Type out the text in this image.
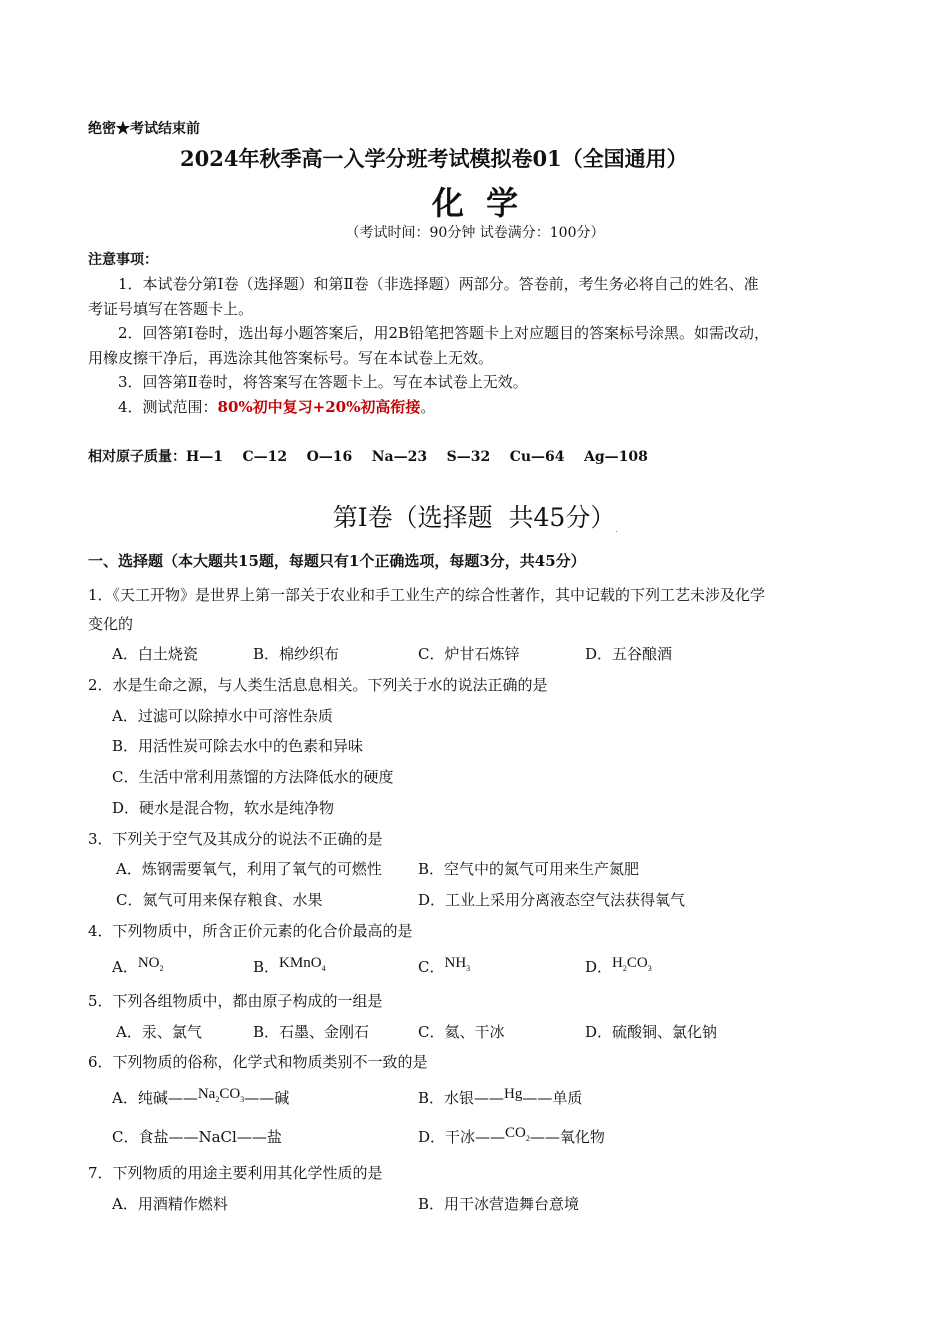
绝密★考试结束前
2024年秋季高一入学分班考试模拟卷01（全国通用）
化  学
（考试时间：90分钟 试卷满分：100分）
注意事项：
1．本试卷分第Ⅰ卷（选择题）和第Ⅱ卷（非选择题）两部分。答卷前，考生务必将自己的姓名、准
考证号填写在答题卡上。
2．回答第Ⅰ卷时，选出每小题答案后，用2B铅笔把答题卡上对应题目的答案标号涂黑。如需改动，
用橡皮擦干净后，再选涂其他答案标号。写在本试卷上无效。
3．回答第Ⅱ卷时，将答案写在答题卡上。写在本试卷上无效。
4．测试范围：80%初中复习+20%初高衔接。
相对原子质量：H—1    C—12    O—16    Na—23    S—32    Cu—64    Ag—108
第Ⅰ卷（选择题  共45分）$_.$
一、选择题（本大题共15题，每题只有1个正确选项，每题3分，共45分）
1．《天工开物》是世界上第一部关于农业和手工业生产的综合性著作，其中记载的下列工艺未涉及化学
变化的
A．白土烧瓷	B．棉纱织布	C．炉甘石炼锌	D．五谷酿酒
2．水是生命之源，与人类生活息息相关。下列关于水的说法正确的是
A．过滤可以除掉水中可溶性杂质
B．用活性炭可除去水中的色素和异味
C．生活中常利用蒸馏的方法降低水的硬度
D．硬水是混合物，软水是纯净物
3．下列关于空气及其成分的说法不正确的是
A．炼钢需要氧气，利用了氧气的可燃性 B．空气中的氮气可用来生产氮肥
C．氮气可用来保存粮食、水果	D．工业上采用分离液态空气法获得氧气
4．下列物质中，所含正价元素的化合价最高的是
A．$NO_2$	B．KMnO$_4$	C．$NH_3$	D．$H_2CO_3$
5．下列各组物质中，都由原子构成的一组是
A．汞、氯气	B．石墨、金刚石	C．氦、干冰	D．硫酸铜、氯化钠
6．下列物质的俗称，化学式和物质类别不一致的是
A．纯碱$——Na_2CO_3——$碱	B．水银——Hg——单质
C．食盐——NaCl——盐	D．干冰$——CO_2——$氧化物
7．下列物质的用途主要利用其化学性质的是
A．用酒精作燃料	B．用干冰营造舞台意境
